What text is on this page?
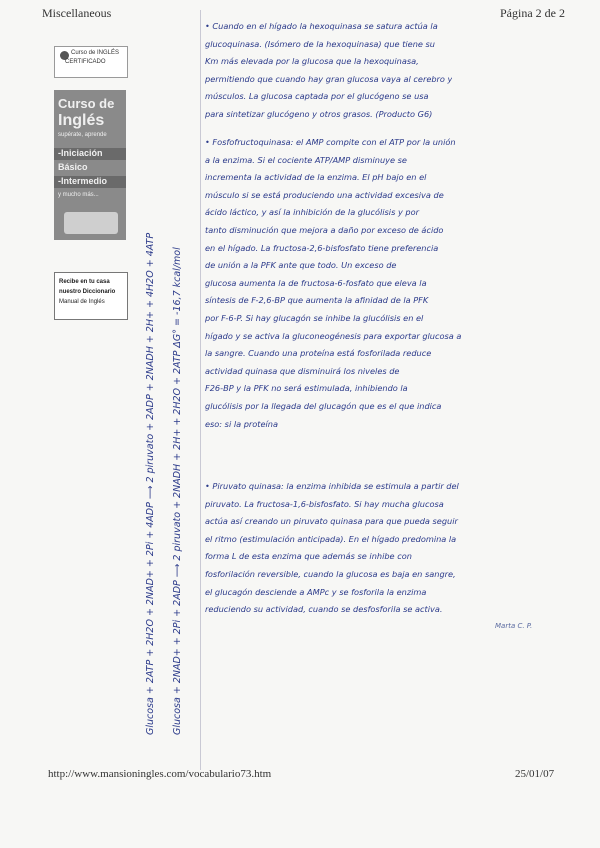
Miscellaneous	Página 2 de 2
Curso de INGLÉS
CERTIFICADO
Curso de
Inglés
supérate, aprende
-Iniciación
Básico
-Intermedio
y mucho más...
Recibe en tu casa
nuestro Diccionario
Manual de Inglés	Glucosa + 2ATP + 2H2O + 2NAD+ + 2Pi + 4ADP ⟶ 2 piruvato + 2ADP + 2NADH + 2H+ + 4H2O + 4ATP Glucosa + 2NAD+ + 2Pi + 2ADP ⟶ 2 piruvato + 2NADH + 2H+ + 2H2O + 2ATP ΔG° = -16,7 kcal/mol
• Cuando en el hígado la hexoquinasa se satura actúa la
glucoquinasa. (Isómero de la hexoquinasa) que tiene su
Km más elevada por la glucosa que la hexoquinasa,
permitiendo que cuando hay gran glucosa vaya al cerebro y
músculos. La glucosa captada por el glucógeno se usa
para sintetizar glucógeno y otros grasos. (Producto G6)
• Fosfofructoquinasa: el AMP compite con el ATP por la unión
a la enzima. Si el cociente ATP/AMP disminuye se
incrementa la actividad de la enzima. El pH bajo en el
músculo si se está produciendo una actividad excesiva de
ácido láctico, y así la inhibición de la glucólisis y por
tanto disminución que mejora a daño por exceso de ácido
en el hígado. La fructosa-2,6-bisfosfato tiene preferencia
de unión a la PFK ante que todo. Un exceso de
glucosa aumenta la de fructosa-6-fosfato que eleva la
síntesis de F-2,6-BP que aumenta la afinidad de la PFK
por F-6-P. Si hay glucagón se inhibe la glucólisis en el
hígado y se activa la gluconeogénesis para exportar glucosa a
la sangre. Cuando una proteína está fosforilada reduce
actividad quinasa que disminuirá los niveles de
F26-BP y la PFK no será estimulada, inhibiendo la
glucólisis por la llegada del glucagón que es el que indica
eso: si la proteína
• Piruvato quinasa: la enzima inhibida se estimula a partir del
piruvato. La fructosa-1,6-bisfosfato. Si hay mucha glucosa
actúa así creando un piruvato quinasa para que pueda seguir
el ritmo (estimulación anticipada). En el hígado predomina la
forma L de esta enzima que además se inhibe con
fosforilación reversible, cuando la glucosa es baja en sangre,
el glucagón desciende a AMPc y se fosforila la enzima
reduciendo su actividad, cuando se desfosforila se activa.
Marta C. P.
http://www.mansioningles.com/vocabulario73.htm	25/01/07
